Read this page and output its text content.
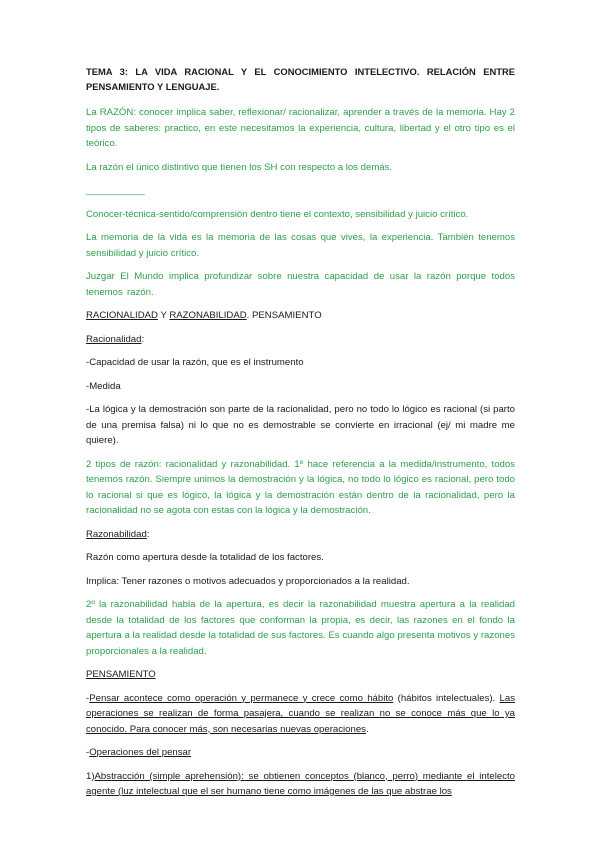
TEMA 3: LA VIDA RACIONAL Y EL CONOCIMIENTO INTELECTIVO. RELACIÓN ENTRE PENSAMIENTO Y LENGUAJE.

La RAZÓN: conocer implica saber, reflexionar/ racionalizar, aprender a través de la memoria. Hay 2 tipos de saberes: practico, en este necesitamos la experiencia, cultura, libertad y el otro tipo es el teórico.

La razón el único distintivo que tienen los SH con respecto a los demás.

___________

Conocer-técnica-sentido/comprensión dentro tiene el contexto, sensibilidad y juicio crítico.

La memoria de la vida es la memoria de las cosas que vives, la experiencia. También tenemos sensibilidad y juicio crítico.

Juzgar El Mundo implica profundizar sobre nuestra capacidad de usar la razón porque todos tenemos razón.

RACIONALIDAD Y RAZONABILIDAD. PENSAMIENTO

Racionalidad:

-Capacidad de usar la razón, que es el instrumento

-Medida

-La lógica y la demostración son parte de la racionalidad, pero no todo lo lógico es racional (si parto de una premisa falsa) ni lo que no es demostrable se convierte en irracional (ej/ mi madre me quiere).

2 tipos de razón: racionalidad y razonabilidad. 1º hace referencia a la medida/instrumento, todos tenemos razón. Siempre unimos la demostración y la lógica, no todo lo lógico es racional, pero todo lo racional si que es lógico, la lógica y la demostración están dentro de la racionalidad, pero la racionalidad no se agota con estas con la lógica y la demostración.

Razonabilidad:

Razón como apertura desde la totalidad de los factores.

Implica: Tener razones o motivos adecuados y proporcionados a la realidad.

2º la razonabilidad habla de la apertura, es decir la razonabilidad muestra apertura a la realidad desde la totalidad de los factores que conforman la propia, es decir, las razones en el fondo la apertura a la realidad desde la totalidad de sus factores. Es cuando algo presenta motivos y razones proporcionales a la realidad.

PENSAMIENTO

-Pensar acontece como operación y permanece y crece como hábito (hábitos intelectuales). Las operaciones se realizan de forma pasajera, cuando se realizan no se conoce más que lo ya conocido. Para conocer más, son necesarias nuevas operaciones.

-Operaciones del pensar

1)Abstracción (simple aprehensión): se obtienen conceptos (blanco, perro) mediante el intelecto agente (luz intelectual que el ser humano tiene como imágenes de las que abstrae los
